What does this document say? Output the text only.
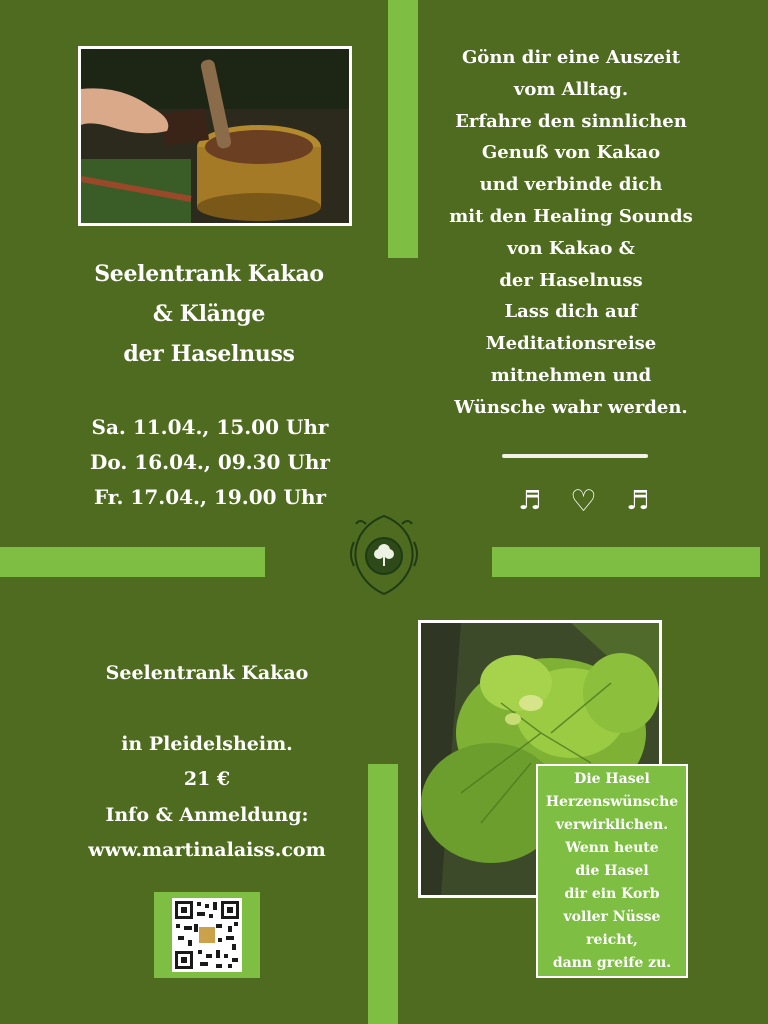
Seelentrank Kakao
& Klänge
der Haselnuss
Sa. 11.04., 15.00 Uhr
Do. 16.04., 09.30 Uhr
Fr. 17.04., 19.00 Uhr
Gönn dir eine Auszeit
vom Alltag.
Erfahre den sinnlichen
Genuß von Kakao
und verbinde dich
mit den Healing Sounds
von Kakao &
der Haselnuss
Lass dich auf
Meditationsreise
mitnehmen und
Wünsche wahr werden.
♬ ♡ ♬
Seelentrank Kakao
in Pleidelsheim.
21 €
Info & Anmeldung:
www.martinalaiss.com
Die Hasel
Herzenswünsche
verwirklichen.
Wenn heute
die Hasel
dir ein Korb
voller Nüsse
reicht,
dann greife zu.
